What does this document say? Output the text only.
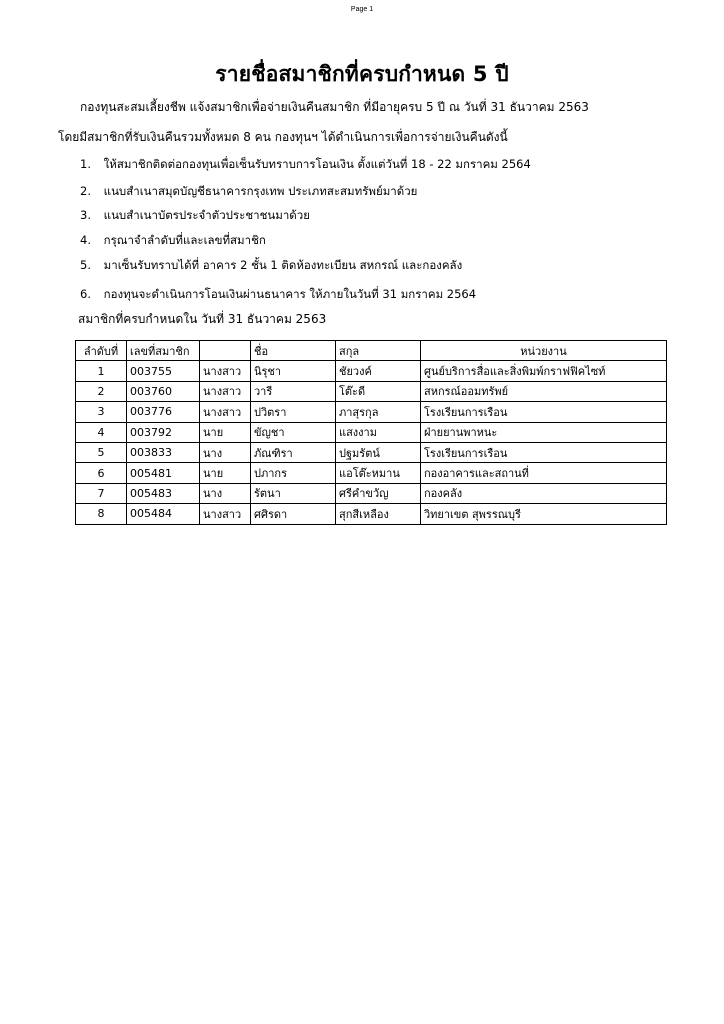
Page 1
รายชื่อสมาชิกที่ครบกำหนด 5 ปี
กองทุนสะสมเลี้ยงชีพ แจ้งสมาชิกเพื่อจ่ายเงินคืนสมาชิก ที่มีอายุครบ 5 ปี ณ วันที่ 31 ธันวาคม 2563
โดยมีสมาชิกที่รับเงินคืนรวมทั้งหมด 8 คน กองทุนฯ ได้ดำเนินการเพื่อการจ่ายเงินคืนดังนี้
1. ให้สมาชิกติดต่อกองทุนเพื่อเซ็นรับทราบการโอนเงิน ตั้งแต่วันที่ 18 - 22 มกราคม 2564
2. แนบสำเนาสมุดบัญชีธนาคารกรุงเทพ ประเภทสะสมทรัพย์มาด้วย
3. แนบสำเนาบัตรประจำตัวประชาชนมาด้วย
4. กรุณาจำลำดับที่และเลขที่สมาชิก
5. มาเซ็นรับทราบได้ที่ อาคาร 2 ชั้น 1 ติดห้องทะเบียน สหกรณ์ และกองคลัง
6. กองทุนจะดำเนินการโอนเงินผ่านธนาคาร ให้ภายในวันที่ 31 มกราคม 2564
สมาชิกที่ครบกำหนดใน วันที่ 31 ธันวาคม 2563
ลำดับที่	เลขที่สมาชิก		ชื่อ	สกุล	หน่วยงาน
1	003755	นางสาว	นิรุชา	ชัยวงค์	ศูนย์บริการสื่อและสิ่งพิมพ์กราฟฟิคไซท์
2	003760	นางสาว	วารี	โต๊ะดี	สหกรณ์ออมทรัพย์
3	003776	นางสาว	ปวิตรา	ภาสุรกุล	โรงเรียนการเรือน
4	003792	นาย	ขัญชา	แสงงาม	ฝ่ายยานพาหนะ
5	003833	นาง	ภัณฑิรา	ปฐมรัตน์	โรงเรียนการเรือน
6	005481	นาย	ปภากร	แอโต๊ะหมาน	กองอาคารและสถานที่
7	005483	นาง	รัตนา	ศรีคำขวัญ	กองคลัง
8	005484	นางสาว	ศศิรดา	สุกสีเหลือง	วิทยาเขต สุพรรณบุรี
